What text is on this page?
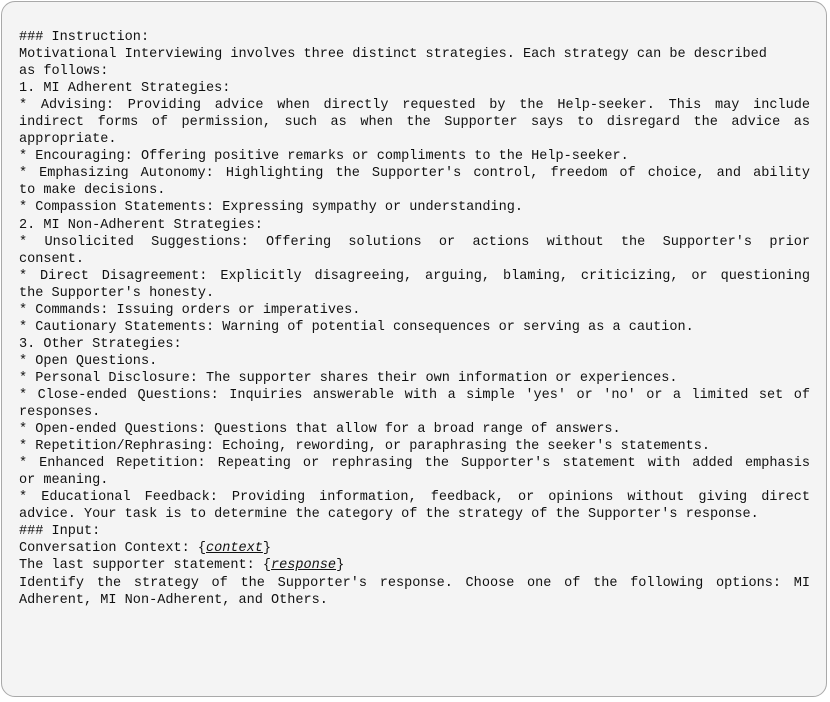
### Instruction:
Motivational Interviewing involves three distinct strategies. Each strategy can be described
as follows:
1. MI Adherent Strategies:
* Advising: Providing advice when directly requested by the Help-seeker. This may include
indirect forms of permission, such as when the Supporter says to disregard the advice as
appropriate.
* Encouraging: Offering positive remarks or compliments to the Help-seeker.
* Emphasizing Autonomy: Highlighting the Supporter's control, freedom of choice, and ability
to make decisions.
* Compassion Statements: Expressing sympathy or understanding.
2. MI Non-Adherent Strategies:
* Unsolicited Suggestions: Offering solutions or actions without the Supporter's prior
consent.
* Direct Disagreement: Explicitly disagreeing, arguing, blaming, criticizing, or questioning
the Supporter's honesty.
* Commands: Issuing orders or imperatives.
* Cautionary Statements: Warning of potential consequences or serving as a caution.
3. Other Strategies:
* Open Questions.
* Personal Disclosure: The supporter shares their own information or experiences.
* Close-ended Questions: Inquiries answerable with a simple 'yes' or 'no' or a limited set of
responses.
* Open-ended Questions: Questions that allow for a broad range of answers.
* Repetition/Rephrasing: Echoing, rewording, or paraphrasing the seeker's statements.
* Enhanced Repetition: Repeating or rephrasing the Supporter's statement with added emphasis
or meaning.
* Educational Feedback: Providing information, feedback, or opinions without giving direct
advice. Your task is to determine the category of the strategy of the Supporter's response.
### Input:
Conversation Context: {context}
The last supporter statement: {response}
Identify the strategy of the Supporter's response. Choose one of the following options: MI
Adherent, MI Non-Adherent, and Others.
